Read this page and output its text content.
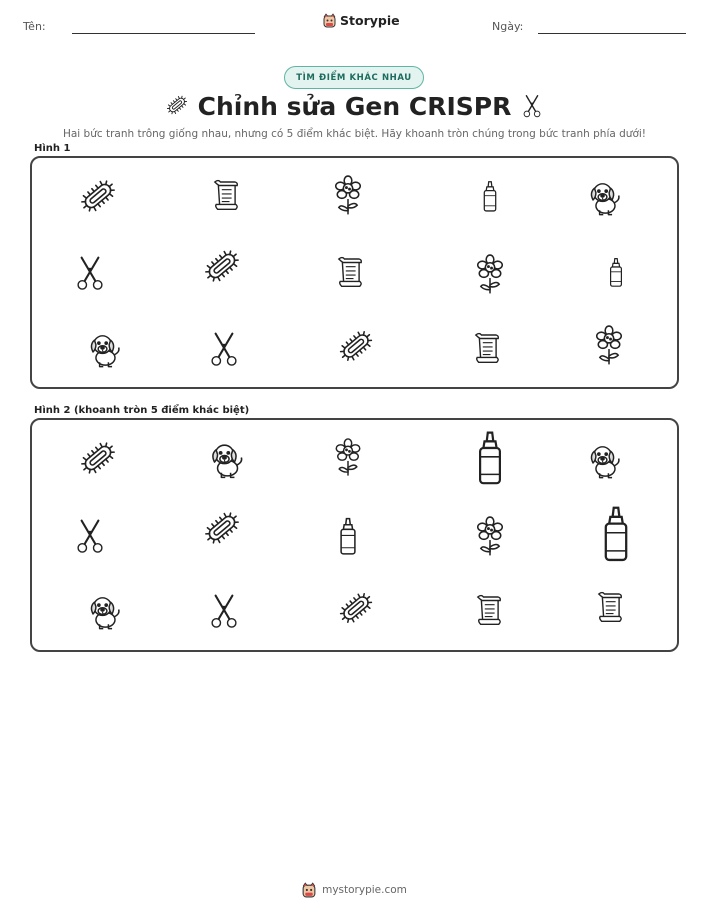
Tên:	Storypie	Ngày:
TÌM ĐIỂM KHÁC NHAU
Chỉnh sửa Gen CRISPR
Hai bức tranh trông giống nhau, nhưng có 5 điểm khác biệt. Hãy khoanh tròn chúng trong bức tranh phía dưới!
Hình 1
Hình 2 (khoanh tròn 5 điểm khác biệt)
mystorypie.com
